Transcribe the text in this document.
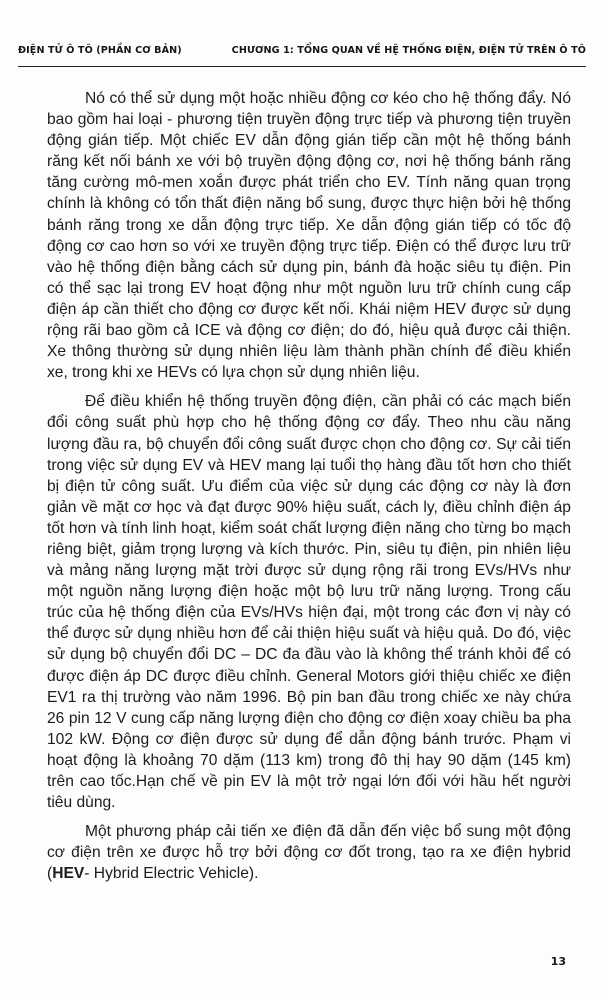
ĐIỆN TỬ Ô TÔ (PHẦN CƠ BẢN)	CHƯƠNG 1: TỔNG QUAN VỀ HỆ THỐNG ĐIỆN, ĐIỆN TỬ TRÊN Ô TÔ

Nó có thể sử dụng một hoặc nhiều động cơ kéo cho hệ thống đẩy. Nó bao gồm hai loại - phương tiện truyền động trực tiếp và phương tiện truyền động gián tiếp. Một chiếc EV dẫn động gián tiếp cần một hệ thống bánh răng kết nối bánh xe với bộ truyền động động cơ, nơi hệ thống bánh răng tăng cường mô-men xoắn được phát triển cho EV. Tính năng quan trọng chính là không có tổn thất điện năng bổ sung, được thực hiện bởi hệ thống bánh răng trong xe dẫn động trực tiếp. Xe dẫn động gián tiếp có tốc độ động cơ cao hơn so với xe truyền động trực tiếp. Điện có thể được lưu trữ vào hệ thống điện bằng cách sử dụng pin, bánh đà hoặc siêu tụ điện. Pin có thể sạc lại trong EV hoạt động như một nguồn lưu trữ chính cung cấp điện áp cần thiết cho động cơ được kết nối. Khái niệm HEV được sử dụng rộng rãi bao gồm cả ICE và động cơ điện; do đó, hiệu quả được cải thiện. Xe thông thường sử dụng nhiên liệu làm thành phần chính để điều khiển xe, trong khi xe HEVs có lựa chọn sử dụng nhiên liệu.

Để điều khiển hệ thống truyền động điện, cần phải có các mạch biến đổi công suất phù hợp cho hệ thống động cơ đẩy. Theo nhu cầu năng lượng đầu ra, bộ chuyển đổi công suất được chọn cho động cơ. Sự cải tiến trong việc sử dụng EV và HEV mang lại tuổi thọ hàng đầu tốt hơn cho thiết bị điện tử công suất. Ưu điểm của việc sử dụng các động cơ này là đơn giản về mặt cơ học và đạt được 90% hiệu suất, cách ly, điều chỉnh điện áp tốt hơn và tính linh hoạt, kiểm soát chất lượng điện năng cho từng bo mạch riêng biệt, giảm trọng lượng và kích thước. Pin, siêu tụ điện, pin nhiên liệu và mảng năng lượng mặt trời được sử dụng rộng rãi trong EVs/HVs như một nguồn năng lượng điện hoặc một bộ lưu trữ năng lượng. Trong cấu trúc của hệ thống điện của EVs/HVs hiện đại, một trong các đơn vị này có thể được sử dụng nhiều hơn để cải thiện hiệu suất và hiệu quả. Do đó, việc sử dụng bộ chuyển đổi DC – DC đa đầu vào là không thể tránh khỏi để có được điện áp DC được điều chỉnh. General Motors giới thiệu chiếc xe điện EV1 ra thị trường vào năm 1996. Bộ pin ban đầu trong chiếc xe này chứa 26 pin 12 V cung cấp năng lượng điện cho động cơ điện xoay chiều ba pha 102 kW. Động cơ điện được sử dụng để dẫn động bánh trước. Phạm vi hoạt động là khoảng 70 dặm (113 km) trong đô thị hay 90 dặm (145 km) trên cao tốc.Hạn chế về pin EV là một trở ngại lớn đối với hầu hết người tiêu dùng.

Một phương pháp cải tiến xe điện đã dẫn đến việc bổ sung một động cơ điện trên xe được hỗ trợ bởi động cơ đốt trong, tạo ra xe điện hybrid (HEV- Hybrid Electric Vehicle).

13
